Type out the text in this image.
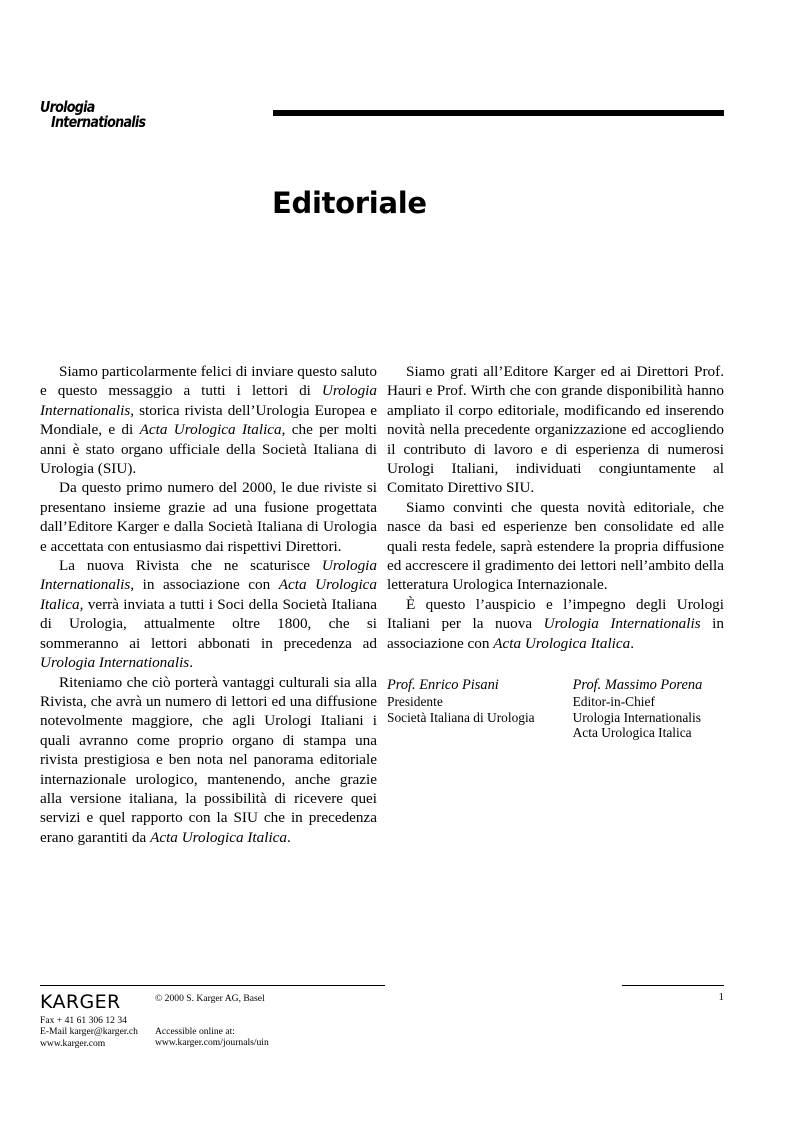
Urologia
Internationalis
Editoriale

Siamo particolarmente felici di inviare questo saluto e questo messaggio a tutti i lettori di Urologia Internationalis, storica rivista dell’Urologia Europea e Mondiale, e di Acta Urologica Italica, che per molti anni è stato organo ufficiale della Società Italiana di Urologia (SIU).

Da questo primo numero del 2000, le due riviste si presentano insieme grazie ad una fusione progettata dall’Editore Karger e dalla Società Italiana di Urologia e accettata con entusiasmo dai rispettivi Direttori.

La nuova Rivista che ne scaturisce Urologia Internationalis, in associazione con Acta Urologica Italica, verrà inviata a tutti i Soci della Società Italiana di Urologia, attualmente oltre 1800, che si sommeranno ai lettori abbonati in precedenza ad Urologia Internationalis.

Riteniamo che ciò porterà vantaggi culturali sia alla Rivista, che avrà un numero di lettori ed una diffusione notevolmente maggiore, che agli Urologi Italiani i quali avranno come proprio organo di stampa una rivista prestigiosa e ben nota nel panorama editoriale internazionale urologico, mantenendo, anche grazie alla versione italiana, la possibilità di ricevere quei servizi e quel rapporto con la SIU che in precedenza erano garantiti da Acta Urologica Italica.

Siamo grati all’Editore Karger ed ai Direttori Prof. Hauri e Prof. Wirth che con grande disponibilità hanno ampliato il corpo editoriale, modificando ed inserendo novità nella precedente organizzazione ed accogliendo il contributo di lavoro e di esperienza di numerosi Urologi Italiani, individuati congiuntamente al Comitato Direttivo SIU.

Siamo convinti che questa novità editoriale, che nasce da basi ed esperienze ben consolidate ed alle quali resta fedele, saprà estendere la propria diffusione ed accrescere il gradimento dei lettori nell’ambito della letteratura Urologica Internazionale.

È questo l’auspicio e l’impegno degli Urologi Italiani per la nuova Urologia Internationalis in associazione con Acta Urologica Italica.

Prof. Enrico Pisani
Presidente
Società Italiana di Urologia
Prof. Massimo Porena
Editor-in-Chief
Urologia Internationalis
Acta Urologica Italica
KARGER
Fax + 41 61 306 12 34
E-Mail karger@karger.ch
www.karger.com
© 2000 S. Karger AG, Basel
Accessible online at:
www.karger.com/journals/uin
1
